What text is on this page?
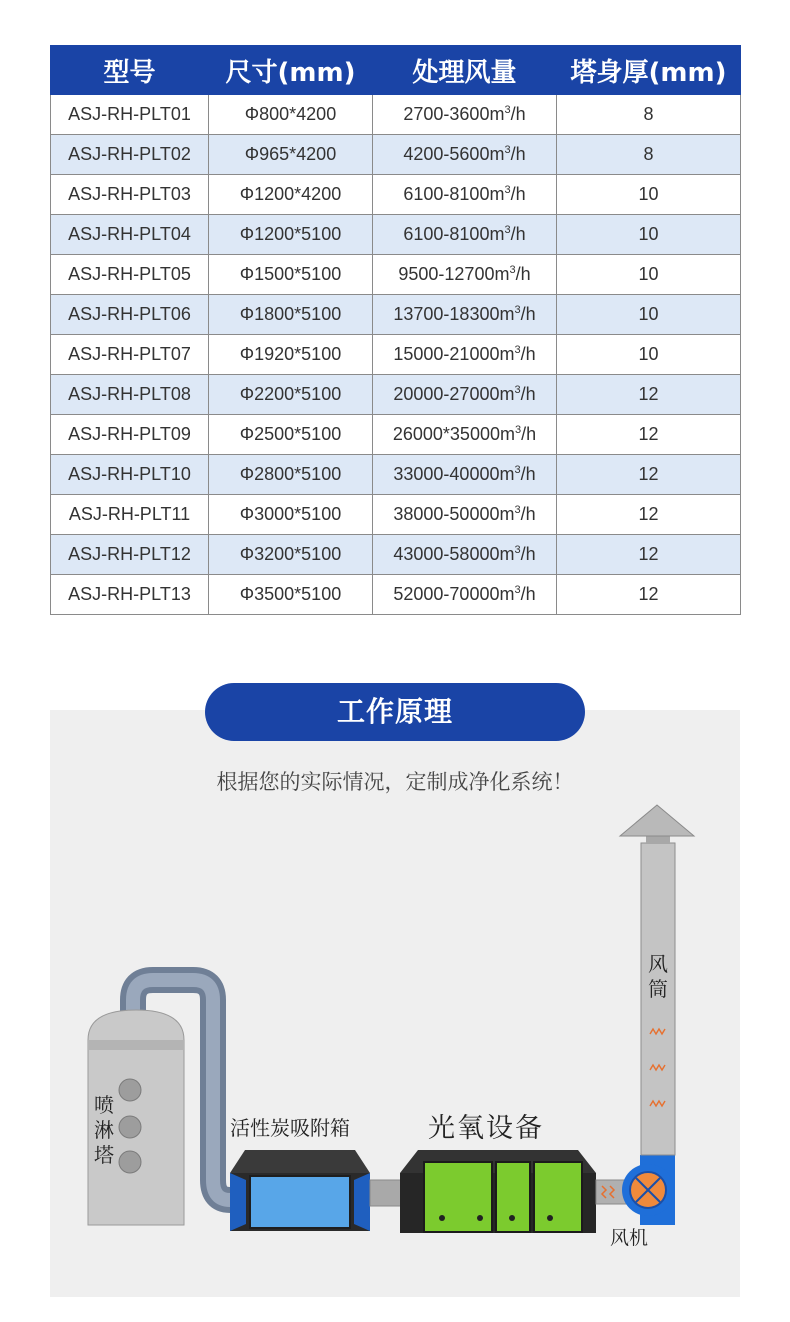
型号	尺寸(mm)	处理风量	塔身厚(mm)
ASJ-RH-PLT01	Φ800*4200	$2700-3600m^3/h$	8
ASJ-RH-PLT02	Φ965*4200	$4200-5600m^3/h$	8
ASJ-RH-PLT03	Φ1200*4200	$6100-8100m^3/h$	10
ASJ-RH-PLT04	Φ1200*5100	$6100-8100m^3/h$	10
ASJ-RH-PLT05	Φ1500*5100	$9500-12700m^3/h$	10
ASJ-RH-PLT06	Φ1800*5100	$13700-18300m^3/h$	10
ASJ-RH-PLT07	Φ1920*5100	$15000-21000m^3/h$	10
ASJ-RH-PLT08	Φ2200*5100	$20000-27000m^3/h$	12
ASJ-RH-PLT09	Φ2500*5100	$26000*35000m^3/h$	12
ASJ-RH-PLT10	Φ2800*5100	$33000-40000m^3/h$	12
ASJ-RH-PLT11	Φ3000*5100	$38000-50000m^3/h$	12
ASJ-RH-PLT12	Φ3200*5100	$43000-58000m^3/h$	12
ASJ-RH-PLT13	Φ3500*5100	$52000-70000m^3/h$	12
工作原理
根据您的实际情况，定制成净化系统！
喷淋塔
活性炭吸附箱	光氧设备
风筒
风机
